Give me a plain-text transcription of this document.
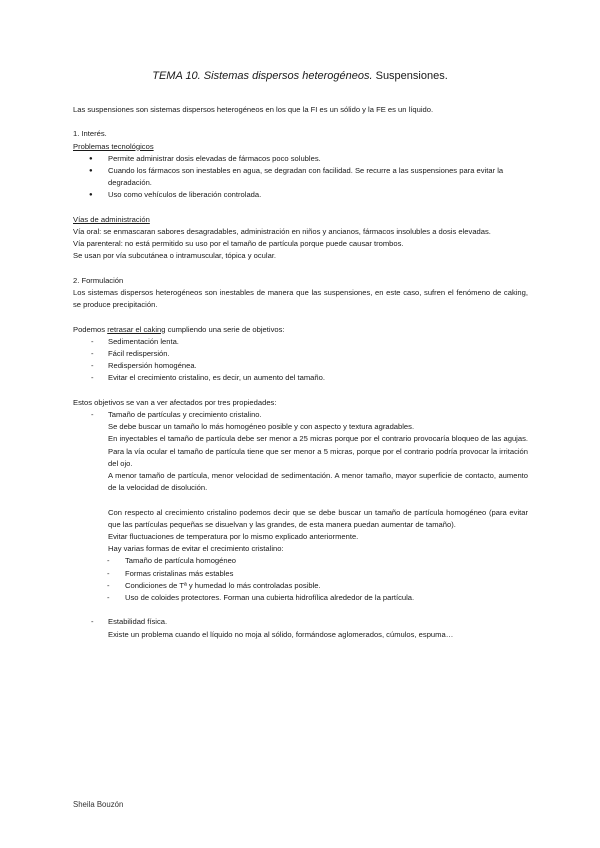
TEMA 10. Sistemas dispersos heterogéneos. Suspensiones.

Las suspensiones son sistemas dispersos heterogéneos en los que la FI es un sólido y la FE es un líquido.

1. Interés.

Problemas tecnológicos

● Permite administrar dosis elevadas de fármacos poco solubles.
● Cuando los fármacos son inestables en agua, se degradan con facilidad. Se recurre a las suspensiones para evitar la degradación.
● Uso como vehículos de liberación controlada.

Vías de administración

Vía oral: se enmascaran sabores desagradables, administración en niños y ancianos, fármacos insolubles a dosis elevadas.

Vía parenteral: no está permitido su uso por el tamaño de partícula porque puede causar trombos.

Se usan por vía subcutánea o intramuscular, tópica y ocular.

2. Formulación

Los sistemas dispersos heterogéneos son inestables de manera que las suspensiones, en este caso, sufren el fenómeno de caking, se produce precipitación.

Podemos retrasar el caking cumpliendo una serie de objetivos:

- Sedimentación lenta.
- Fácil redispersión.
- Redispersión homogénea.
- Evitar el crecimiento cristalino, es decir, un aumento del tamaño.

Estos objetivos se van a ver afectados por tres propiedades:

- Tamaño de partículas y crecimiento cristalino.

Se debe buscar un tamaño lo más homogéneo posible y con aspecto y textura agradables.

En inyectables el tamaño de partícula debe ser menor a 25 micras porque por el contrario provocaría bloqueo de las agujas. Para la vía ocular el tamaño de partícula tiene que ser menor a 5 micras, porque por el contrario podría provocar la irritación del ojo.

A menor tamaño de partícula, menor velocidad de sedimentación. A menor tamaño, mayor superficie de contacto, aumento de la velocidad de disolución.

Con respecto al crecimiento cristalino podemos decir que se debe buscar un tamaño de partícula homogéneo (para evitar que las partículas pequeñas se disuelvan y las grandes, de esta manera puedan aumentar de tamaño).

Evitar fluctuaciones de temperatura por lo mismo explicado anteriormente.

Hay varias formas de evitar el crecimiento cristalino:

- Tamaño de partícula homogéneo
- Formas cristalinas más estables
- Condiciones de Tª y humedad lo más controladas posible.
- Uso de coloides protectores. Forman una cubierta hidrofílica alrededor de la partícula.
- Estabilidad física.

Existe un problema cuando el líquido no moja al sólido, formándose aglomerados, cúmulos, espuma…

Sheila Bouzón
